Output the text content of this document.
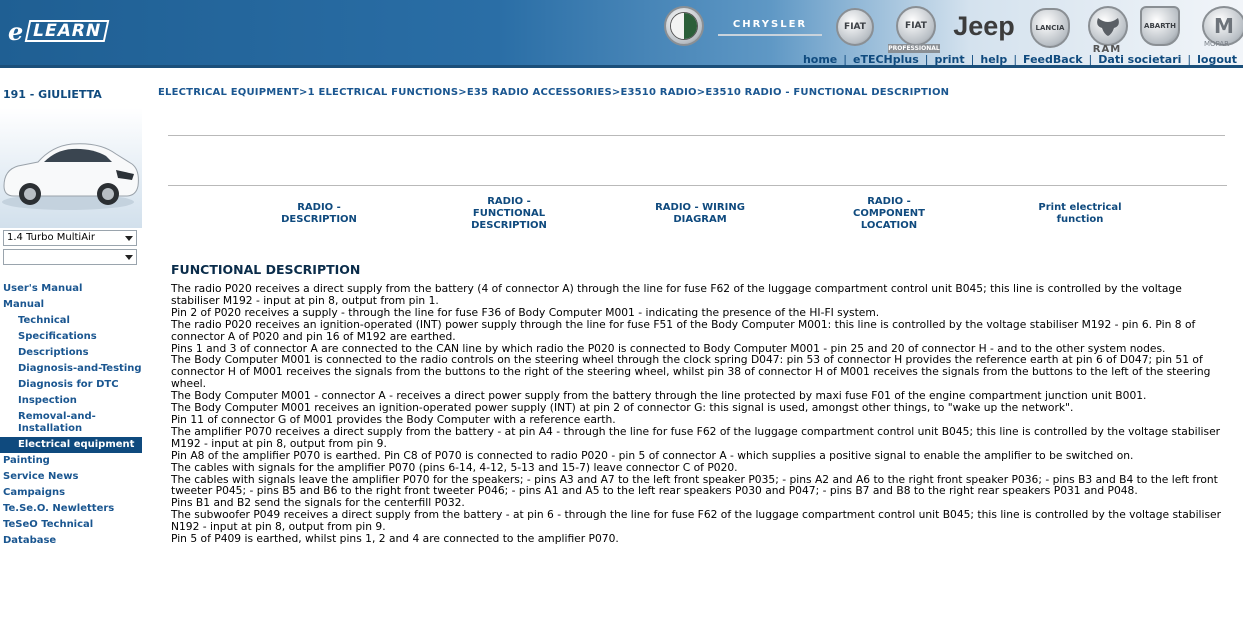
e LEARN	CHRYSLER	FIAT	FIAT
PROFESSIONAL
Jeep	LANCIA
RAM
ABARTH	M
MOPAR
home | eTECHplus | print | help | FeedBack | Dati societari | logout
191 - GIULIETTA
1.4 Turbo MultiAir
User's Manual
Manual
Technical Specifications
Descriptions
Diagnosis-and-Testing
Diagnosis for DTC
Inspection
Removal-and-Installation
Electrical equipment
Painting
Service News
Campaigns
Te.Se.O. Newletters
TeSeO Technical Database
ELECTRICAL EQUIPMENT>1 ELECTRICAL FUNCTIONS>E35 RADIO ACCESSORIES>E3510 RADIO>E3510 RADIO - FUNCTIONAL DESCRIPTION
RADIO -
DESCRIPTION
RADIO -
FUNCTIONAL
DESCRIPTION
RADIO - WIRING
DIAGRAM
RADIO -
COMPONENT
LOCATION
Print electrical
function
FUNCTIONAL DESCRIPTION

The radio P020 receives a direct supply from the battery (4 of connector A) through the line for fuse F62 of the luggage compartment control unit B045; this line is controlled by the voltage stabiliser M192 - input at pin 8, output from pin 1.

Pin 2 of P020 receives a supply - through the line for fuse F36 of Body Computer M001 - indicating the presence of the HI-FI system.

The radio P020 receives an ignition-operated (INT) power supply through the line for fuse F51 of the Body Computer M001: this line is controlled by the voltage stabiliser M192 - pin 6. Pin 8 of connector A of P020 and pin 16 of M192 are earthed.

Pins 1 and 3 of connector A are connected to the CAN line by which radio the P020 is connected to Body Computer M001 - pin 25 and 20 of connector H - and to the other system nodes.

The Body Computer M001 is connected to the radio controls on the steering wheel through the clock spring D047: pin 53 of connector H provides the reference earth at pin 6 of D047; pin 51 of connector H of M001 receives the signals from the buttons to the right of the steering wheel, whilst pin 38 of connector H of M001 receives the signals from the buttons to the left of the steering wheel.

The Body Computer M001 - connector A - receives a direct power supply from the battery through the line protected by maxi fuse F01 of the engine compartment junction unit B001.

The Body Computer M001 receives an ignition-operated power supply (INT) at pin 2 of connector G: this signal is used, amongst other things, to "wake up the network".

Pin 11 of connector G of M001 provides the Body Computer with a reference earth.

The amplifier P070 receives a direct supply from the battery - at pin A4 - through the line for fuse F62 of the luggage compartment control unit B045; this line is controlled by the voltage stabiliser M192 - input at pin 8, output from pin 9.

Pin A8 of the amplifier P070 is earthed. Pin C8 of P070 is connected to radio P020 - pin 5 of connector A - which supplies a positive signal to enable the amplifier to be switched on.

The cables with signals for the amplifier P070 (pins 6-14, 4-12, 5-13 and 15-7) leave connector C of P020.

The cables with signals leave the amplifier P070 for the speakers; - pins A3 and A7 to the left front speaker P035; - pins A2 and A6 to the right front speaker P036; - pins B3 and B4 to the left front tweeter P045; - pins B5 and B6 to the right front tweeter P046; - pins A1 and A5 to the left rear speakers P030 and P047; - pins B7 and B8 to the right rear speakers P031 and P048.

Pins B1 and B2 send the signals for the centerfill P032.

The subwoofer P049 receives a direct supply from the battery - at pin 6 - through the line for fuse F62 of the luggage compartment control unit B045; this line is controlled by the voltage stabiliser N192 - input at pin 8, output from pin 9.

Pin 5 of P409 is earthed, whilst pins 1, 2 and 4 are connected to the amplifier P070.
